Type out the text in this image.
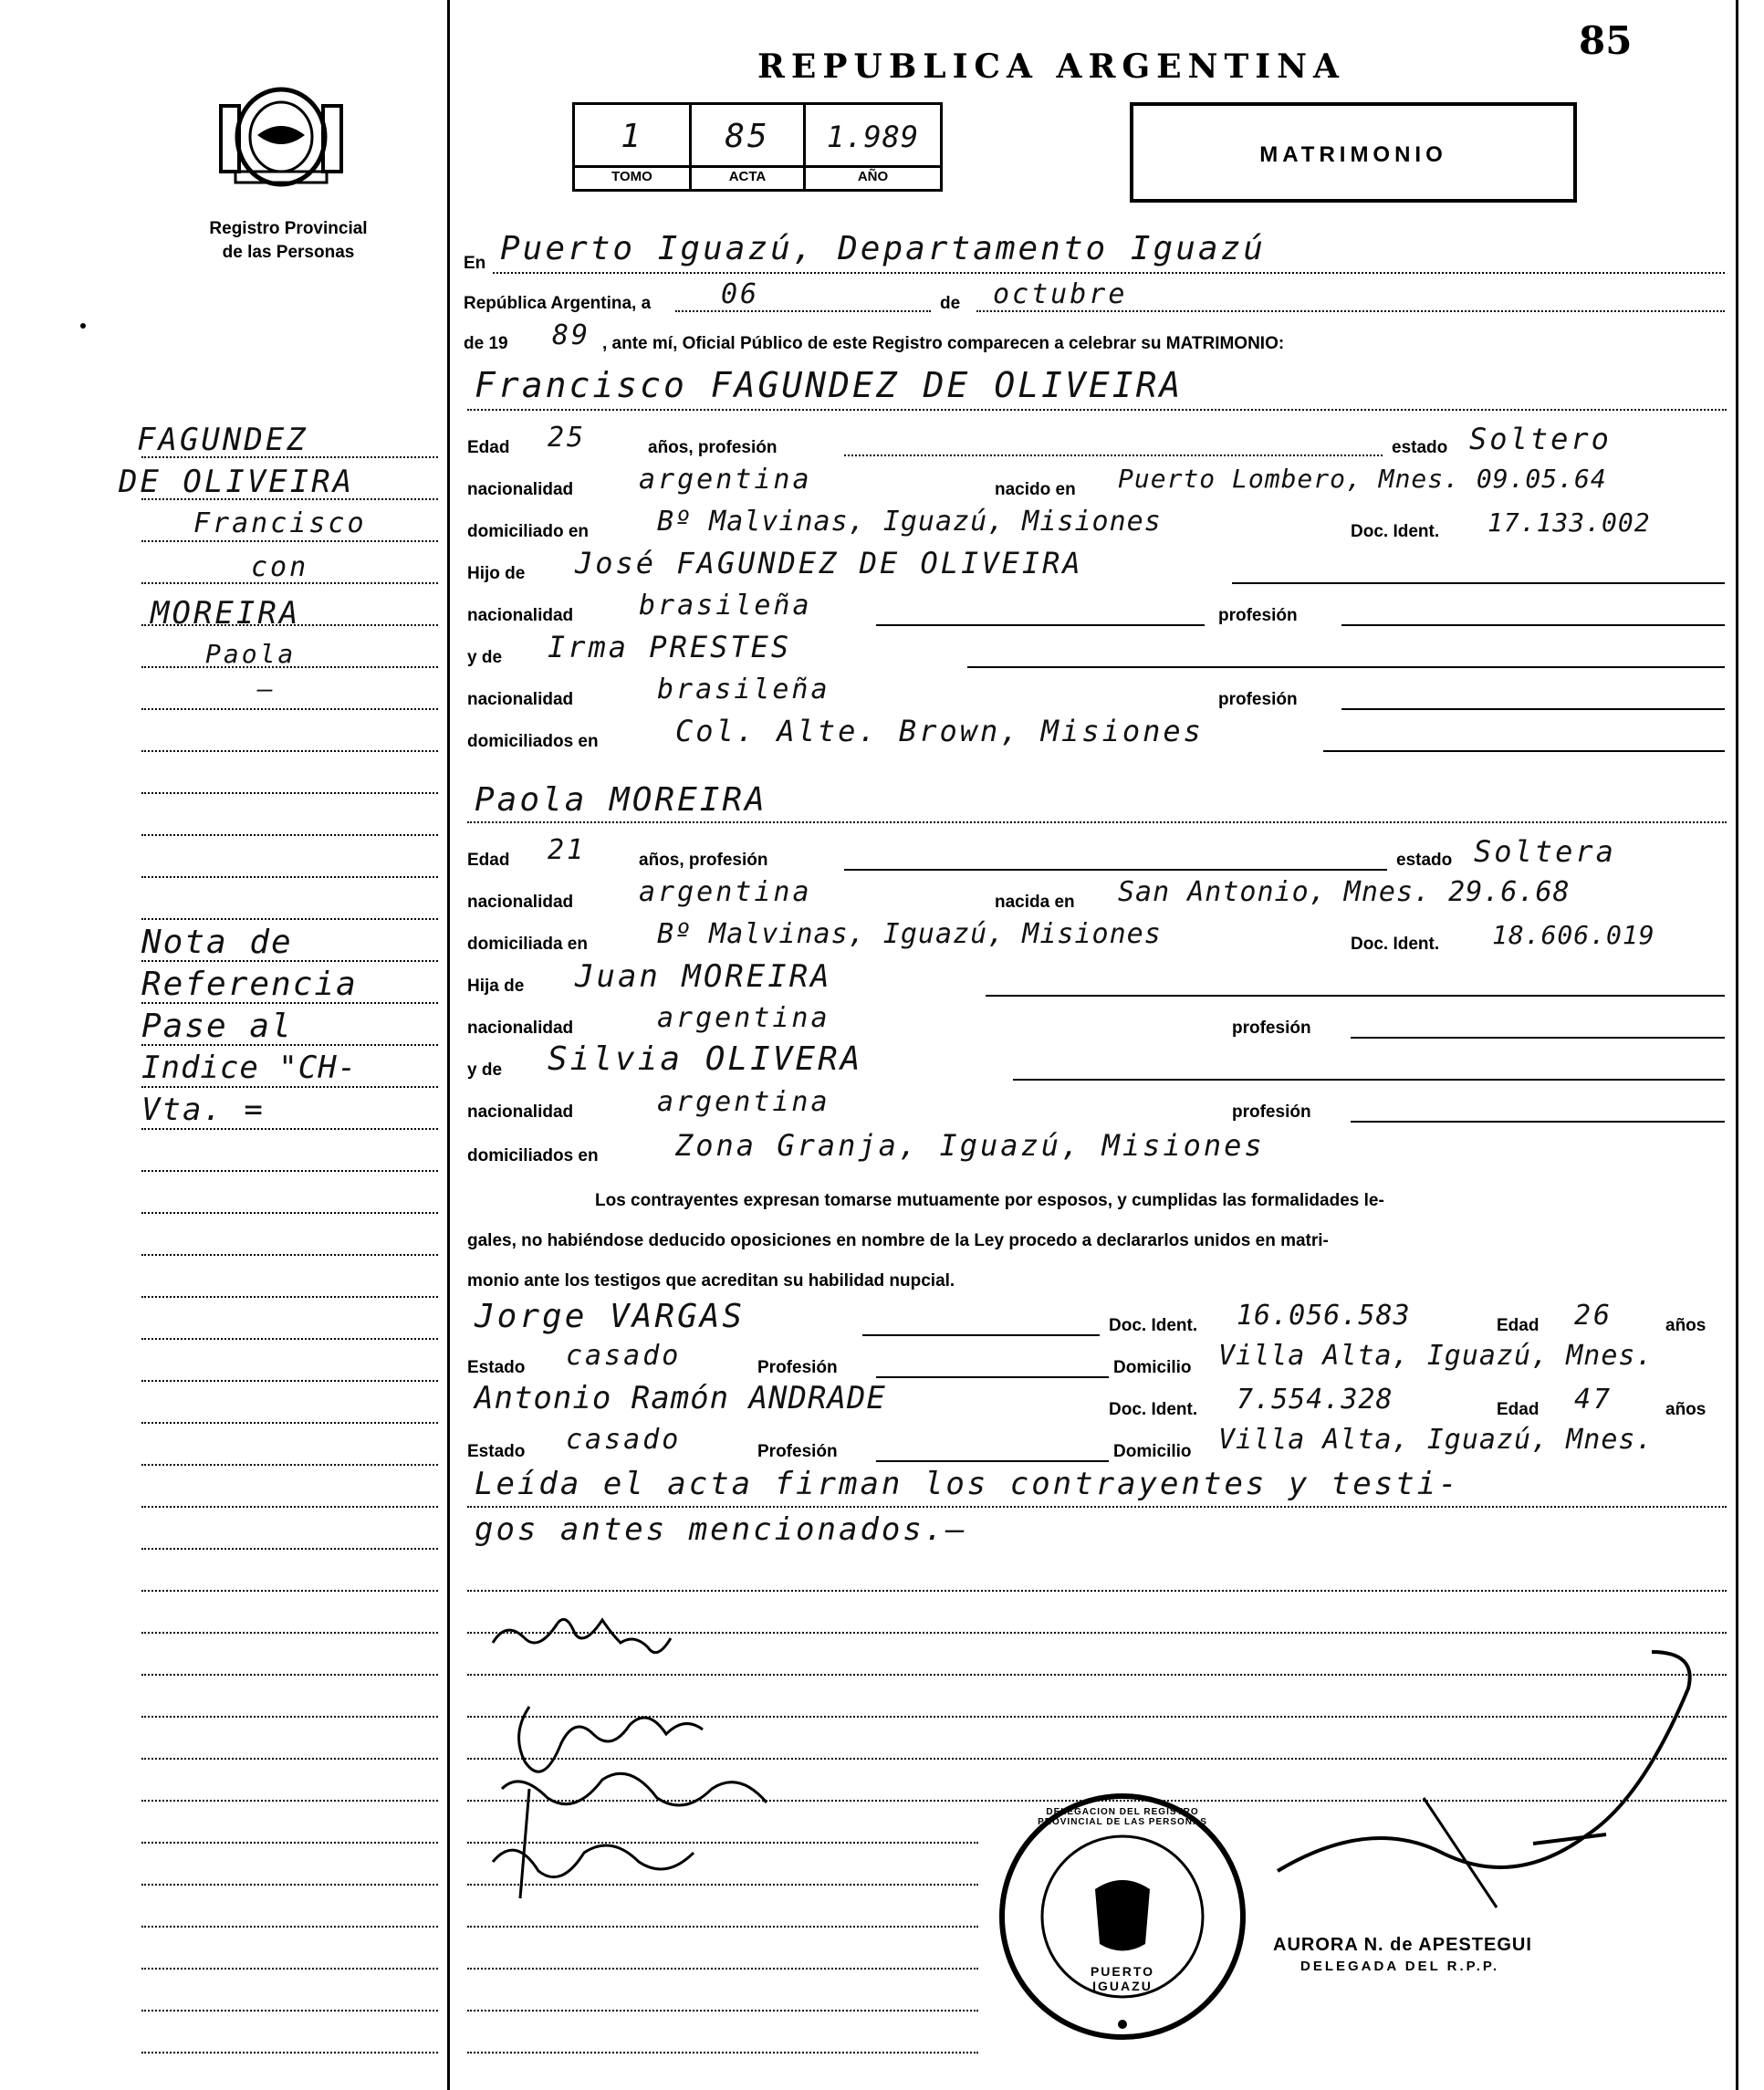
REPUBLICA ARGENTINA
85
Registro Provincial
de las Personas
1	85	1.989
TOMO	ACTA	AÑO
MATRIMONIO
FAGUNDEZ
DE OLIVEIRA
Francisco
con
MOREIRA
Paola
—
Nota de
Referencia
Pase al
Indice "CH-
Vta. =
En Puerto Iguazú, Departamento Iguazú
República Argentina, a	06	de octubre
de 19 89 , ante mí, Oficial Público de este Registro comparecen a celebrar su MATRIMONIO:
Francisco FAGUNDEZ DE OLIVEIRA
Edad 25	años, profesión	estado Soltero
nacionalidad argentina	nacido en Puerto Lombero, Mnes. 09.05.64
domiciliado en Bº Malvinas, Iguazú, Misiones	Doc. Ident. 17.133.002
Hijo de José FAGUNDEZ DE OLIVEIRA
nacionalidad brasileña	profesión
y de Irma PRESTES
nacionalidad	brasileña	profesión
domiciliados en	Col. Alte. Brown, Misiones
Paola MOREIRA
Edad 21	años, profesión	estado Soltera
nacionalidad argentina	nacida en San Antonio, Mnes. 29.6.68
domiciliada en	Bº Malvinas, Iguazú, Misiones	Doc. Ident. 18.606.019
Hija de Juan MOREIRA
nacionalidad	argentina	profesión
y de Silvia OLIVERA
nacionalidad	argentina	profesión
domiciliados en	Zona Granja, Iguazú, Misiones
Los contrayentes expresan tomarse mutuamente por esposos, y cumplidas las formalidades le-
gales, no habiéndose deducido oposiciones en nombre de la Ley procedo a declararlos unidos en matri-
monio ante los testigos que acreditan su habilidad nupcial.
Jorge VARGAS	Doc. Ident. 16.056.583	Edad 26	años
Estado casado	Profesión	Domicilio Villa Alta, Iguazú, Mnes.
Antonio Ramón ANDRADE	Doc. Ident. 7.554.328	Edad 47	años
Estado casado	Profesión	Domicilio Villa Alta, Iguazú, Mnes.
Leída el acta firman los contrayentes y testi-
gos antes mencionados.—
DELEGACION DEL REGISTRO PROVINCIAL DE LAS PERSONAS
PUERTO IGUAZU
AURORA N. de APESTEGUI
DELEGADA DEL R.P.P.
